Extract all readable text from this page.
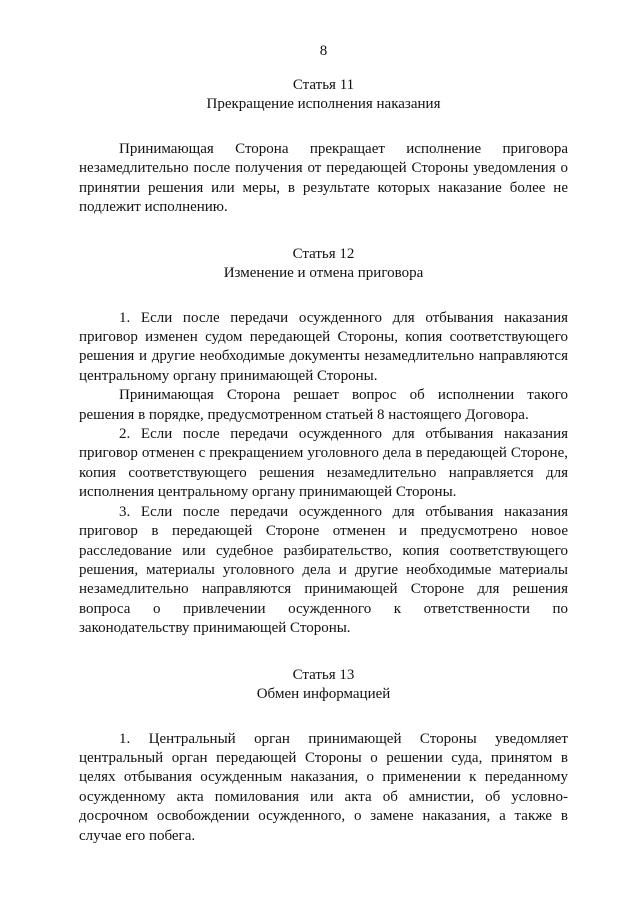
8
Статья 11
Прекращение исполнения наказания

Принимающая Сторона прекращает исполнение приговора незамедлительно после получения от передающей Стороны уведомления о принятии решения или меры, в результате которых наказание более не подлежит исполнению.

Статья 12
Изменение и отмена приговора

1. Если после передачи осужденного для отбывания наказания приговор изменен судом передающей Стороны, копия соответствующего решения и другие необходимые документы незамедлительно направляются центральному органу принимающей Стороны.

Принимающая Сторона решает вопрос об исполнении такого решения в порядке, предусмотренном статьей 8 настоящего Договора.

2. Если после передачи осужденного для отбывания наказания приговор отменен с прекращением уголовного дела в передающей Стороне, копия соответствующего решения незамедлительно направляется для исполнения центральному органу принимающей Стороны.

3. Если после передачи осужденного для отбывания наказания приговор в передающей Стороне отменен и предусмотрено новое расследование или судебное разбирательство, копия соответствующего решения, материалы уголовного дела и другие необходимые материалы незамедлительно направляются принимающей Стороне для решения вопроса о привлечении осужденного к ответственности по законодательству принимающей Стороны.

Статья 13
Обмен информацией

1. Центральный орган принимающей Стороны уведомляет центральный орган передающей Стороны о решении суда, принятом в целях отбывания осужденным наказания, о применении к переданному осужденному акта помилования или акта об амнистии, об условно-досрочном освобождении осужденного, о замене наказания, а также в случае его побега.
